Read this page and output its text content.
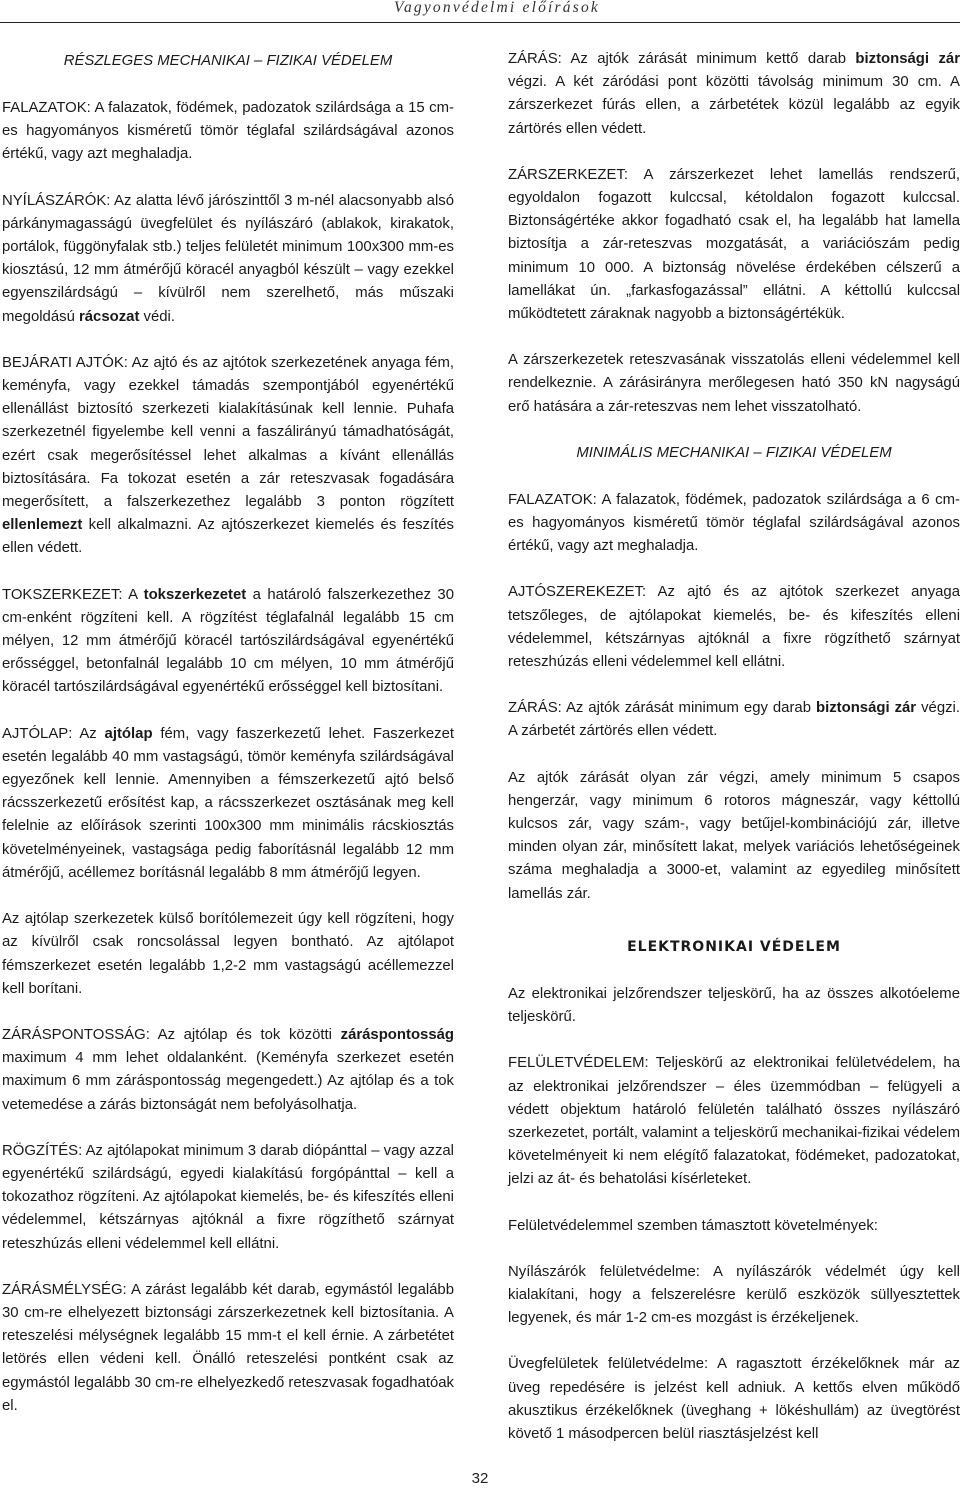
Vagyonvédelmi előírások
RÉSZLEGES MECHANIKAI – FIZIKAI VÉDELEM

FALAZATOK: A falazatok, födémek, padozatok szilárdsága a 15 cm-es hagyományos kisméretű tömör téglafal szilárdságával azonos értékű, vagy azt meghaladja.

NYÍLÁSZÁRÓK: Az alatta lévő járószinttől 3 m-nél alacsonyabb alsó párkánymagasságú üvegfelület és nyílászáró (ablakok, kirakatok, portálok, függönyfalak stb.) teljes felületét minimum 100x300 mm-es kiosztású, 12 mm átmérőjű köracél anyagból készült – vagy ezekkel egyenszilárdságú – kívülről nem szerelhető, más műszaki megoldású rácsozat védi.

BEJÁRATI AJTÓK: Az ajtó és az ajtótok szerkezetének anyaga fém, keményfa, vagy ezekkel támadás szempontjából egyenértékű ellenállást biztosító szerkezeti kialakításúnak kell lennie. Puhafa szerkezetnél figyelembe kell venni a faszálirányú támadhatóságát, ezért csak megerősítéssel lehet alkalmas a kívánt ellenállás biztosítására. Fa tokozat esetén a zár reteszvasak fogadására megerősített, a falszerkezethez legalább 3 ponton rögzített ellenlemezt kell alkalmazni. Az ajtószerkezet kiemelés és feszítés ellen védett.

TOKSZERKEZET: A tokszerkezetet a határoló falszerkezethez 30 cm-enként rögzíteni kell. A rögzítést téglafalnál legalább 15 cm mélyen, 12 mm átmérőjű köracél tartószilárdságával egyenértékű erősséggel, betonfalnál legalább 10 cm mélyen, 10 mm átmérőjű köracél tartószilárdságával egyenértékű erősséggel kell biztosítani.

AJTÓLAP: Az ajtólap fém, vagy faszerkezetű lehet. Faszerkezet esetén legalább 40 mm vastagságú, tömör keményfa szilárdságával egyezőnek kell lennie. Amennyiben a fémszerkezetű ajtó belső rácsszerkezetű erősítést kap, a rácsszerkezet osztásának meg kell felelnie az előírások szerinti 100x300 mm minimális rácskiosztás követelményeinek, vastagsága pedig faborításnál legalább 12 mm átmérőjű, acéllemez borításnál legalább 8 mm átmérőjű legyen.

Az ajtólap szerkezetek külső borítólemezeit úgy kell rögzíteni, hogy az kívülről csak roncsolással legyen bontható. Az ajtólapot fémszerkezet esetén legalább 1,2-2 mm vastagságú acéllemezzel kell borítani.

ZÁRÁSPONTOSSÁG: Az ajtólap és tok közötti záráspontosság maximum 4 mm lehet oldalanként. (Keményfa szerkezet esetén maximum 6 mm záráspontosság megengedett.) Az ajtólap és a tok vetemedése a zárás biztonságát nem befolyásolhatja.

RÖGZÍTÉS: Az ajtólapokat minimum 3 darab diópánttal – vagy azzal egyenértékű szilárdságú, egyedi kialakítású forgópánttal – kell a tokozathoz rögzíteni. Az ajtólapokat kiemelés, be- és kifeszítés elleni védelemmel, kétszárnyas ajtóknál a fixre rögzíthető szárnyat reteszhúzás elleni védelemmel kell ellátni.

ZÁRÁSMÉLYSÉG: A zárást legalább két darab, egymástól legalább 30 cm-re elhelyezett biztonsági zárszerkezetnek kell biztosítania. A reteszelési mélységnek legalább 15 mm-t el kell érnie. A zárbetétet letörés ellen védeni kell. Önálló reteszelési pontként csak az egymástól legalább 30 cm-re elhelyezkedő reteszvasak fogadhatóak el.

ZÁRÁS: Az ajtók zárását minimum kettő darab biztonsági zár végzi. A két záródási pont közötti távolság minimum 30 cm. A zárszerkezet fúrás ellen, a zárbetétek közül legalább az egyik zártörés ellen védett.

ZÁRSZERKEZET: A zárszerkezet lehet lamellás rendszerű, egyoldalon fogazott kulccsal, kétoldalon fogazott kulccsal. Biztonságértéke akkor fogadható csak el, ha legalább hat lamella biztosítja a zár-reteszvas mozgatását, a variációszám pedig minimum 10 000. A biztonság növelése érdekében célszerű a lamellákat ún. „farkasfogazással” ellátni. A kéttollú kulccsal működtetett záraknak nagyobb a biztonságértékük.

A zárszerkezetek reteszvasának visszatolás elleni védelemmel kell rendelkeznie. A zárásirányra merőlegesen ható 350 kN nagyságú erő hatására a zár-reteszvas nem lehet visszatolható.

MINIMÁLIS MECHANIKAI – FIZIKAI VÉDELEM

FALAZATOK: A falazatok, födémek, padozatok szilárdsága a 6 cm-es hagyományos kisméretű tömör téglafal szilárdságával azonos értékű, vagy azt meghaladja.

AJTÓSZEREKEZET: Az ajtó és az ajtótok szerkezet anyaga tetszőleges, de ajtólapokat kiemelés, be- és kifeszítés elleni védelemmel, kétszárnyas ajtóknál a fixre rögzíthető szárnyat reteszhúzás elleni védelemmel kell ellátni.

ZÁRÁS: Az ajtók zárását minimum egy darab biztonsági zár végzi. A zárbetét zártörés ellen védett.

Az ajtók zárását olyan zár végzi, amely minimum 5 csapos hengerzár, vagy minimum 6 rotoros mágneszár, vagy kéttollú kulcsos zár, vagy szám-, vagy betűjel-kombinációjú zár, illetve minden olyan zár, minősített lakat, melyek variációs lehetőségeinek száma meghaladja a 3000-et, valamint az egyedileg minősített lamellás zár.

ELEKTRONIKAI VÉDELEM

Az elektronikai jelzőrendszer teljeskörű, ha az összes alkotóeleme teljeskörű.

FELÜLETVÉDELEM: Teljeskörű az elektronikai felületvédelem, ha az elektronikai jelzőrendszer – éles üzemmódban – felügyeli a védett objektum határoló felületén található összes nyílászáró szerkezetet, portált, valamint a teljeskörű mechanikai-fizikai védelem követelményeit ki nem elégítő falazatokat, födémeket, padozatokat, jelzi az át- és behatolási kísérleteket.

Felületvédelemmel szemben támasztott követelmények:

Nyílászárók felületvédelme: A nyílászárók védelmét úgy kell kialakítani, hogy a felszerelésre kerülő eszközök süllyesztettek legyenek, és már 1-2 cm-es mozgást is érzékeljenek.

Üvegfelületek felületvédelme: A ragasztott érzékelőknek már az üveg repedésére is jelzést kell adniuk. A kettős elven működő akusztikus érzékelőknek (üveghang + lökéshullám) az üvegtörést követő 1 másodpercen belül riasztásjelzést kell

32
